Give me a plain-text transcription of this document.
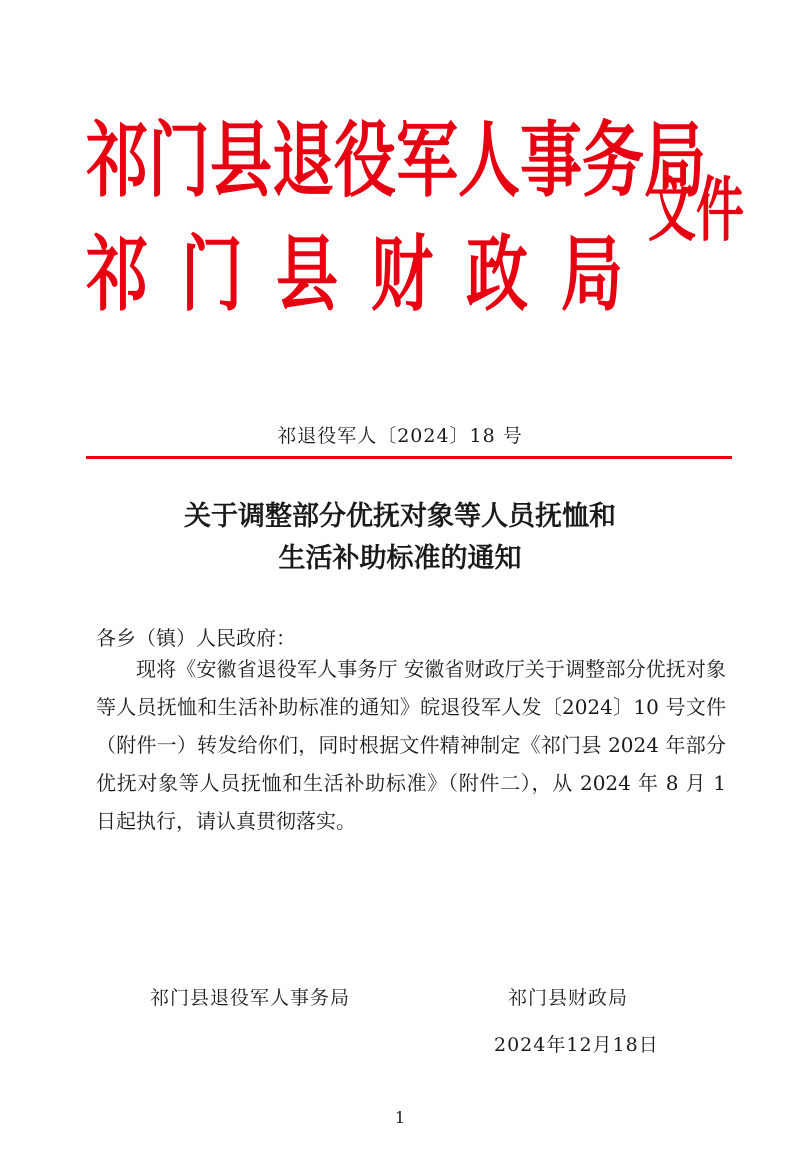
祁门县退役军人事务局
祁门县财政局
文件
祁退役军人〔2024〕18 号
关于调整部分优抚对象等人员抚恤和
生活补助标准的通知
各乡（镇）人民政府：
现将《安徽省退役军人事务厅 安徽省财政厅关于调整部分优抚对象等人员抚恤和生活补助标准的通知》皖退役军人发〔2024〕10 号文件（附件一）转发给你们，同时根据文件精神制定《祁门县 2024 年部分优抚对象等人员抚恤和生活补助标准》（附件二），从 2024 年 8 月 1 日起执行，请认真贯彻落实。
祁门县退役军人事务局	祁门县财政局
2024年12月18日
1
